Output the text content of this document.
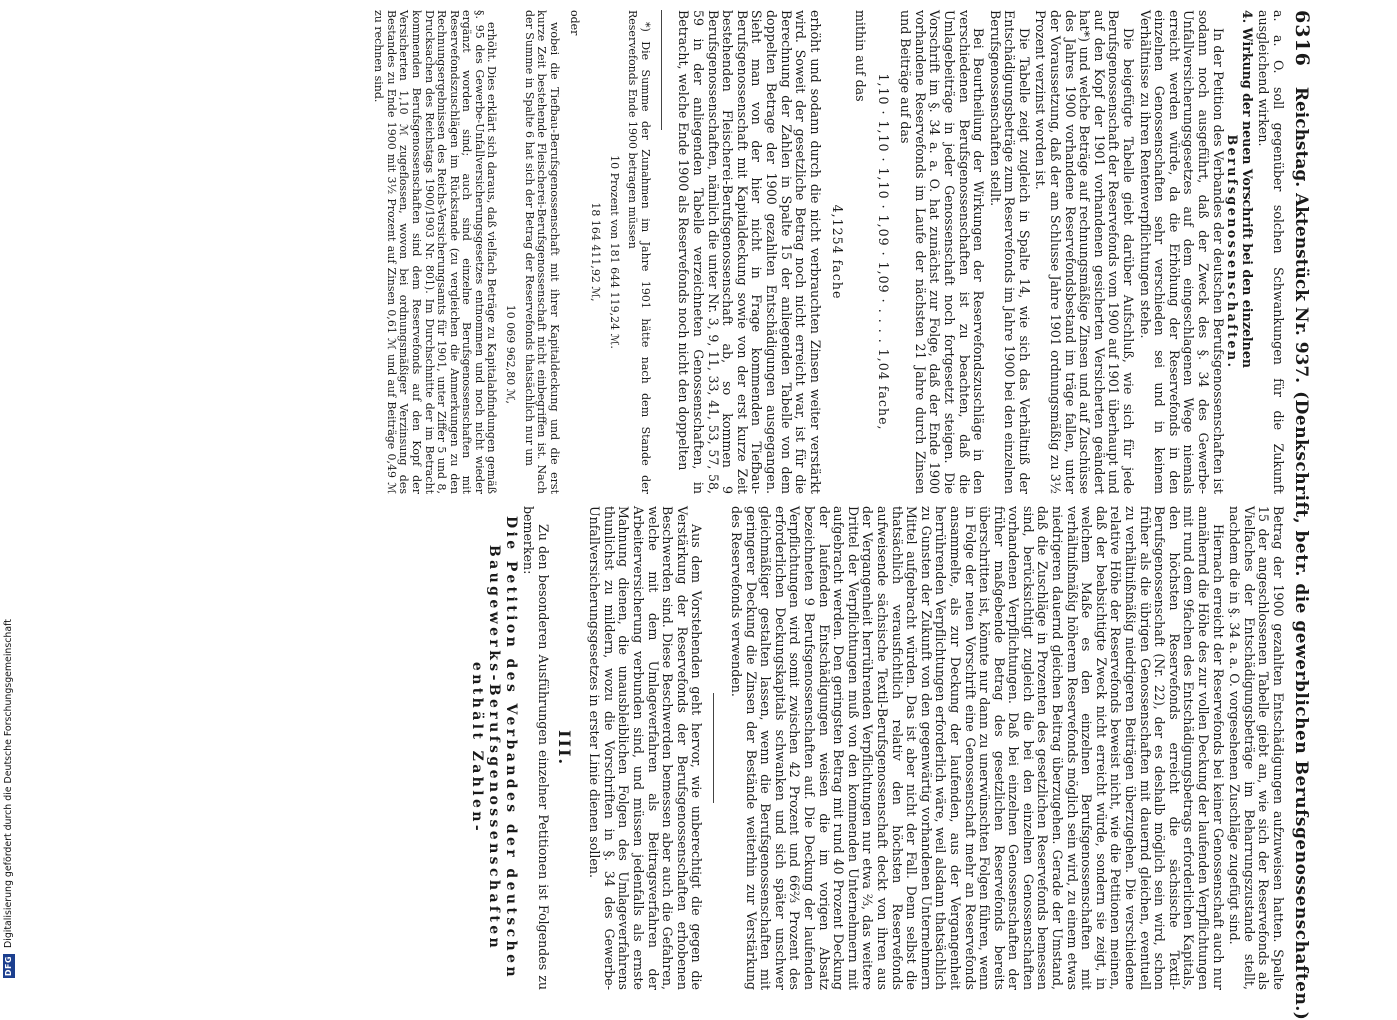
6316 Reichstag. Aktenstück Nr. 937.
(Denkschrift, betr. die gewerblichen Berufsgenossenschaften.)

a. a. O. soll gegenüber solchen Schwankungen für die Zukunft ausgleichend wirken.

4. Wirkung der neuen Vorschrift bei den einzelnen
Berufsgenossenschaften.

In der Petition des Verbandes der deutschen Berufsgenossenschaften ist sodann noch ausgeführt, daß der Zweck des §. 34 des Gewerbe-Unfallversicherungsgesetzes auf dem eingeschlagenen Wege niemals erreicht werden würde, da die Erhöhung der Reservefonds in den einzelnen Genossenschaften sehr verschieden sei und in keinem Verhältnisse zu ihren Rentenverpflichtungen stehe.

Die beigefügte Tabelle giebt darüber Aufschluß, wie sich für jede Berufsgenossenschaft der Reservefonds vom 1900 auf 1901 überhaupt und auf den Kopf der 1901 vorhandenen gesicherten Versicherten geändert hat*) und welche Beträge auf rechnungsmäßige Zinsen und auf Zuschüsse des Jahres 1900 vorhandene Reservefondsbestand im träge fallen, unter der Voraussetzung, daß der am Schlusse Jahre 1901 ordnungsmäßig zu 3½ Prozent verzinst worden ist.

Die Tabelle zeigt zugleich in Spalte 14, wie sich das Verhältniß der Entschädigungsbeträge zum Reservefonds im Jahre 1900 bei den einzelnen Berufsgenossenschaften stellt.

Bei Beurtheilung der Wirkungen der Reservefondszuschläge in den verschiedenen Berufsgenossenschaften ist zu beachten, daß die Umlagebeiträge in jeder Genossenschaft noch fortgesetzt steigen. Die Vorschrift im §. 34 a. a. O. hat zunächst zur Folge, daß der Ende 1900 vorhandene Reservefonds im Laufe der nächsten 21 Jahre durch Zinsen und Beiträge auf das

1,10 · 1,10 · 1,10 · 1,09 · 1,09 · . . . . 1,04 fache,

mithin auf das

4,1254 fache

erhöht und sodann durch die nicht verbrauchten Zinsen weiter verstärkt wird. Soweit der gesetzliche Betrag noch nicht erreicht war, ist für die Berechnung der Zahlen in Spalte 15 der anliegenden Tabelle von dem doppelten Betrage der 1900 gezahlten Entschädigungen ausgegangen. Sieht man von der hier nicht in Frage kommenden Tiefbau-Berufsgenossenschaft mit Kapitaldeckung sowie von der erst kurze Zeit bestehenden Fleischerei-Berufsgenossenschaft ab, so kommen 9 Berufsgenossenschaften, nämlich die unter Nr. 3, 9, 11, 33, 41, 53, 57, 58, 59 in der anliegenden Tabelle verzeichneten Genossenschaften, in Betracht, welche Ende 1900 als Reservefonds noch nicht den doppelten

*) Die Summe der Zunahmen im Jahre 1901 hätte nach dem Stande der Reservefonds Ende 1900 betragen müssen

10 Prozent von 181 644 119,24 ℳ.
18 164 411,92 ℳ,
oder

wobei die Tiefbau-Berufsgenossenschaft mit ihrer Kapitaldeckung und die erst kurze Zeit bestehende Fleischerei-Berufsgenossenschaft nicht einbegriffen ist. Nach der Summe in Spalte 6 hat sich der Betrag der Reservefonds thatsächlich nur um

10 069 962,80 ℳ,

erhöht. Dies erklärt sich daraus, daß vielfach Beträge zu Kapitalabfindungen gemäß §. 95 des Gewerbe-Unfallversicherungsgesetzes entnommen und noch nicht wieder ergänzt worden sind; auch sind einzelne Berufsgenossenschaften mit Reservefondszuschlägen im Rückstande (zu vergleichen die Anmerkungen zu den Rechnungsergebnissen des Reichs-Versicherungsamts für 1901, unter Ziffer 5 und 8, Drucksachen des Reichstags 1900/1903 Nr. 801). Im Durchschnitte der im Betracht kommenden Berufsgenossenschaften sind dem Reservefonds auf den Kopf der Versicherten 1,10 ℳ zugeflossen, wovon bei ordnungsmäßiger Verzinsung des Bestandes zu Ende 1900 mit 3½ Prozent auf Zinsen 0,61 ℳ und auf Beiträge 0,49 ℳ zu rechnen sind.

Betrag der 1900 gezahlten Entschädigungen aufzuweisen hatten. Spalte 15 der angeschlossenen Tabelle giebt an, wie sich der Reservefonds als Vielfaches der Entschädigungsbeträge im Beharrungszustande stellt, nachdem die in §. 34 a. a. O. vorgesehenen Zuschläge zugefügt sind.

Hiernach erreicht der Reservefonds bei keiner Genossenschaft auch nur annähernd die Höhe des zur vollen Deckung der laufenden Verpflichtungen mit rund dem 9fachen des Entschädigungsbetrags erforderlichen Kapitals, den höchsten Reservefonds erreicht die sächsische Textil-Berufsgenossenschaft (Nr. 22), der es deshalb möglich sein wird, schon früher als die übrigen Genossenschaften mit dauernd gleichen, eventuell zu verhältnißmäßig niedrigeren Beiträgen überzugehen. Die verschiedene relative Höhe der Reservefonds beweist nicht, wie die Petitionen meinen, daß der beabsichtigte Zweck nicht erreicht würde, sondern sie zeigt, in welchem Maße es den einzelnen Berufsgenossenschaften mit verhältnißmäßig höherem Reservefonds möglich sein wird, zu einem etwas niedrigeren dauernd gleichen Beitrag überzugehen. Gerade der Umstand, daß die Zuschläge in Prozenten des gesetzlichen Reservefonds bemessen sind, berücksichtigt zugleich die bei den einzelnen Genossenschaften vorhandenen Verpflichtungen. Daß bei einzelnen Genossenschaften der früher maßgebende Betrag des gesetzlichen Reservefonds bereits überschritten ist, könnte nur dann zu unerwünschten Folgen führen, wenn in Folge der neuen Vorschrift eine Genossenschaft mehr an Reservefonds ansammelte, als zur Deckung der laufenden, aus der Vergangenheit herrührenden Verpflichtungen erforderlich wäre, weil alsdann thatsächlich zu Gunsten der Zukunft von den gegenwärtig vorhandenen Unternehmern Mittel aufgebracht würden. Das ist aber nicht der Fall. Denn selbst die thatsächlich verausfichtlich relativ den höchsten Reservefonds aufweisende sächsische Textil-Berufsgenossenschaft deckt von ihren aus der Vergangenheit herrührenden Verpflichtungen nur etwa ⅔, das weitere Drittel der Verpflichtungen muß von den kommenden Unternehmern mit aufgebracht werden. Den geringsten Betrag mit rund 40 Prozent Deckung der laufenden Entschädigungen weisen die im vorigen Absatz bezeichneten 9 Berufsgenossenschaften auf. Die Deckung der laufenden Verpflichtungen wird somit zwischen 42 Prozent und 66⅔ Prozent des erforderlichen Deckungskapitals schwanken und sich später unschwer gleichmäßiger gestalten lassen, wenn die Berufsgenossenschaften mit geringerer Deckung die Zinsen der Bestände weiterhin zur Verstärkung des Reservefonds verwenden.

Aus dem Vorstehenden geht hervor, wie unberechtigt die gegen die Verstärkung der Reservefonds der Berufsgenossenschaften erhobenen Beschwerden sind. Diese Beschwerden bemessen aber auch die Gefahren, welche mit dem Umlageverfahren als Beitragsverfahren der Arbeiterversicherung verbunden sind, und müssen jedenfalls als ernste Mahnung dienen, die unausbleiblichen Folgen des Umlageverfahrens thunlichst zu mildern, wozu die Vorschriften in §. 34 des Gewerbe-Unfallversicherungsgesetzes in erster Linie dienen sollen.

III.

Zu den besonderen Ausführungen einzelner Petitionen ist Folgendes zu bemerken:

Die Petition des Verbandes der deutschen Baugewerks-Berufsgenossenschaften enthält Zahlen-

DFG
Digitalisierung gefördert durch die Deutsche Forschungsgemeinschaft
